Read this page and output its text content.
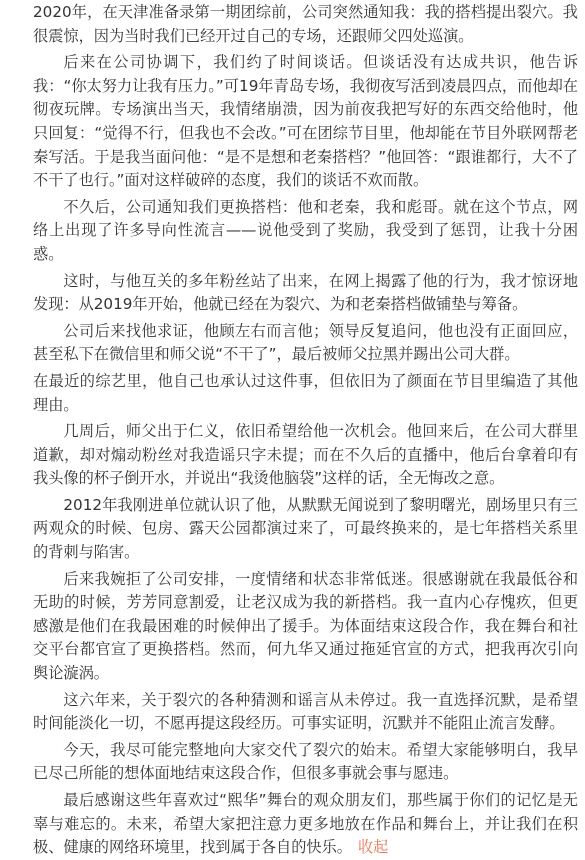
2020年，在天津准备录第一期团综前，公司突然通知我：我的搭档提出裂穴。我很震惊，因为当时我们已经开过自己的专场，还跟师父四处巡演。

后来在公司协调下，我们约了时间谈话。但谈话没有达成共识，他告诉我：“你太努力让我有压力。”可19年青岛专场，我彻夜写活到凌晨四点，而他却在彻夜玩牌。专场演出当天，我情绪崩溃，因为前夜我把写好的东西交给他时，他只回复：“觉得不行，但我也不会改。”可在团综节目里，他却能在节目外联网帮老秦写活。于是我当面问他：“是不是想和老秦搭档？”他回答：“跟谁都行，大不了不干了也行。”面对这样破碎的态度，我们的谈话不欢而散。

不久后，公司通知我们更换搭档：他和老秦，我和彪哥。就在这个节点，网络上出现了许多导向性流言——说他受到了奖励，我受到了惩罚，让我十分困惑。

这时，与他互关的多年粉丝站了出来，在网上揭露了他的行为，我才惊讶地发现：从2019年开始，他就已经在为裂穴、为和老秦搭档做铺垫与筹备。

公司后来找他求证，他顾左右而言他；领导反复追问，他也没有正面回应，甚至私下在微信里和师父说“不干了”，最后被师父拉黑并踢出公司大群。

在最近的综艺里，他自己也承认过这件事，但依旧为了颜面在节目里编造了其他理由。

几周后，师父出于仁义，依旧希望给他一次机会。他回来后，在公司大群里道歉，却对煽动粉丝对我造谣只字未提；而在不久后的直播中，他后台拿着印有我头像的杯子倒开水，并说出“我烫他脑袋”这样的话，全无悔改之意。

2012年我刚进单位就认识了他，从默默无闻说到了黎明曙光，剧场里只有三两观众的时候、包房、露天公园都演过来了，可最终换来的，是七年搭档关系里的背刺与陷害。

后来我婉拒了公司安排，一度情绪和状态非常低迷。很感谢就在我最低谷和无助的时候，芳芳同意割爱，让老汉成为我的新搭档。我一直内心存愧疚，但更感激是他们在我最困难的时候伸出了援手。为体面结束这段合作，我在舞台和社交平台都官宣了更换搭档。然而，何九华又通过拖延官宣的方式，把我再次引向舆论漩涡。

这六年来，关于裂穴的各种猜测和谣言从未停过。我一直选择沉默，是希望时间能淡化一切，不愿再提这段经历。可事实证明，沉默并不能阻止流言发酵。

今天，我尽可能完整地向大家交代了裂穴的始末。希望大家能够明白，我早已尽己所能的想体面地结束这段合作，但很多事就会事与愿违。

最后感谢这些年喜欢过“熙华”舞台的观众朋友们，那些属于你们的记忆是无辜与难忘的。未来，希望大家把注意力更多地放在作品和舞台上，并让我们在积极、健康的网络环境里，找到属于各自的快乐。 收起
